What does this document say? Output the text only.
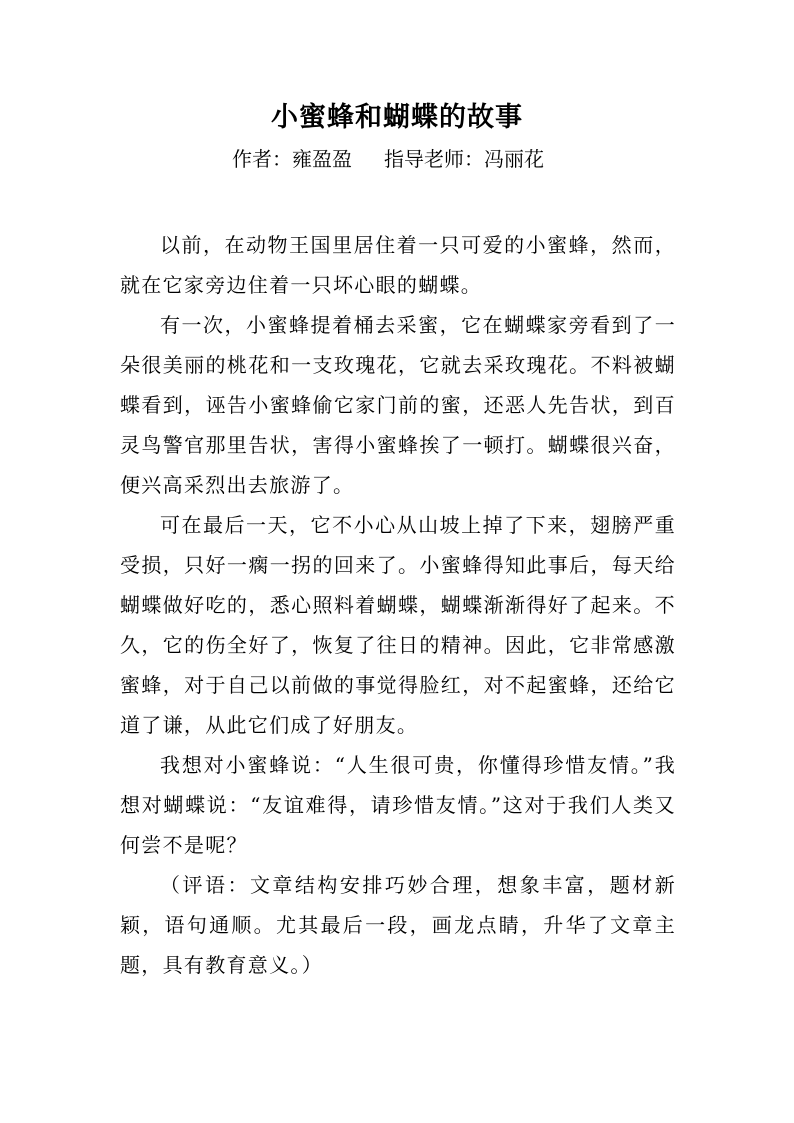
小蜜蜂和蝴蝶的故事
作者：雍盈盈 指导老师：冯丽花

以前，在动物王国里居住着一只可爱的小蜜蜂，然而，就在它家旁边住着一只坏心眼的蝴蝶。

有一次，小蜜蜂提着桶去采蜜，它在蝴蝶家旁看到了一朵很美丽的桃花和一支玫瑰花，它就去采玫瑰花。不料被蝴蝶看到，诬告小蜜蜂偷它家门前的蜜，还恶人先告状，到百灵鸟警官那里告状，害得小蜜蜂挨了一顿打。蝴蝶很兴奋，便兴高采烈出去旅游了。

可在最后一天，它不小心从山坡上掉了下来，翅膀严重受损，只好一瘸一拐的回来了。小蜜蜂得知此事后，每天给蝴蝶做好吃的，悉心照料着蝴蝶，蝴蝶渐渐得好了起来。不久，它的伤全好了，恢复了往日的精神。因此，它非常感激蜜蜂，对于自己以前做的事觉得脸红，对不起蜜蜂，还给它道了谦，从此它们成了好朋友。

我想对小蜜蜂说：“人生很可贵，你懂得珍惜友情。”我想对蝴蝶说：“友谊难得，请珍惜友情。”这对于我们人类又何尝不是呢？

（评语：文章结构安排巧妙合理，想象丰富，题材新颖，语句通顺。尤其最后一段，画龙点睛，升华了文章主题，具有教育意义。）
